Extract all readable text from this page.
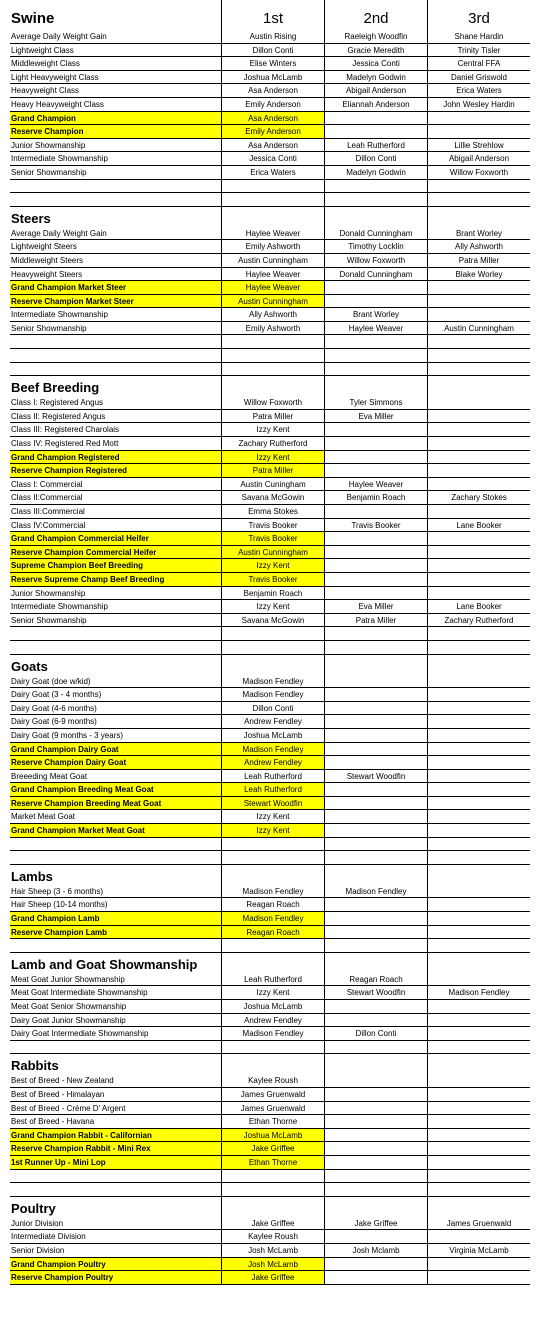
Swine	1st	2nd	3rd
Average Daily Weight Gain	Austin Rising	Raeleigh Woodfin	Shane Hardin
Lightweight Class	Dillon Conti	Gracie Meredith	Trinity Tisler
Middleweight Class	Elise Winters	Jessica Conti	Central FFA
Light Heavyweight Class	Joshua McLamb	Madelyn Godwin	Daniel Griswold
Heavyweight Class	Asa Anderson	Abigail Anderson	Erica Waters
Heavy Heavyweight Class	Emily Anderson	Eliannah Anderson	John Wesley Hardin
Grand Champion	Asa Anderson
Reserve Champion	Emily Anderson
Junior Showmanship	Asa Anderson	Leah Rutherford	Lillie Strehlow
Intermediate Showmanship	Jessica Conti	Dillon Conti	Abigail Anderson
Senior Showmanship	Erica Waters	Madelyn Godwin	Willow Foxworth
Steers
Average Daily Weight Gain	Haylee Weaver	Donald Cunningham	Brant Worley
Lightweight Steers	Emily Ashworth	Timothy Locklin	Ally Ashworth
Middleweight Steers	Austin Cunningham	Willow Foxworth	Patra Miller
Heavyweight Steers	Haylee Weaver	Donald Cunningham	Blake Worley
Grand Champion Market Steer	Haylee Weaver
Reserve Champion Market Steer	Austin Cunningham
Intermediate Showmanship	Ally Ashworth	Brant Worley
Senior Showmanship	Emily Ashworth	Haylee Weaver	Austin Cunningham
Beef Breeding
Class I: Registered Angus	Willow Foxworth	Tyler Simmons
Class II: Registered Angus	Patra Miller	Eva Miller
Class III: Registered Charolais	Izzy Kent
Class IV: Registered Red Mott	Zachary Rutherford
Grand Champion Registered	Izzy Kent
Reserve Champion Registered	Patra Miller
Class I: Commercial	Austin Cuningham	Haylee Weaver
Class II:Commercial	Savana McGowin	Benjamin Roach	Zachary Stokes
Class III:Commercial	Emma Stokes
Class IV:Commercial	Travis Booker	Travis Booker	Lane Booker
Grand Champion Commercial Heifer	Travis Booker
Reserve Champion Commercial Heifer	Austin Cunningham
Supreme Champion Beef Breeding	Izzy Kent
Reserve Supreme Champ Beef Breeding	Travis Booker
Junior Showmanship	Benjamin Roach
Intermediate Showmanship	Izzy Kent	Eva Miller	Lane Booker
Senior Showmanship	Savana McGowin	Patra Miller	Zachary Rutherford
Goats
Dairy Goat (doe w/kid)	Madison Fendley
Dairy Goat (3 - 4 months)	Madison Fendley
Dairy Goat (4-6 months)	Dillon Conti
Dairy Goat (6-9 months)	Andrew Fendley
Dairy Goat (9 months - 3 years)	Joshua McLamb
Grand Champion Dairy Goat	Madison Fendley
Reserve Champion Dairy Goat	Andrew Fendley
Breeeding Meat Goat	Leah Rutherford	Stewart Woodfin
Grand Champion Breeding Meat Goat	Leah Rutherford
Reserve Champion Breeding Meat Goat	Stewart Woodfin
Market Meat Goat	Izzy Kent
Grand Champion Market Meat Goat	Izzy Kent
Lambs
Hair Sheep (3 - 6 months)	Madison Fendley	Madison Fendley
Hair Sheep (10-14 months)	Reagan Roach
Grand Champion Lamb	Madison Fendley
Reserve Champion Lamb	Reagan Roach
Lamb and Goat Showmanship
Meat Goat Junior Showmanship	Leah Rutherford	Reagan Roach
Meat Goat Intermediate Showmanship	Izzy Kent	Stewart Woodfin	Madison Fendley
Meat Goat Senior Showmanship	Joshua McLamb
Dairy Goat Junior Showmanship	Andrew Fendley
Dairy Goat Intermediate Showmanship	Madison Fendley	Dillon Conti
Rabbits
Best of Breed - New Zealand	Kaylee Roush
Best of Breed - Himalayan	James Gruenwald
Best of Breed - Crème D' Argent	James Gruenwald
Best of Breed - Havana	Ethan Thorne
Grand Champion Rabbit - Californian	Joshua McLamb
Reserve Champion Rabbit - Mini Rex	Jake Griffee
1st Runner Up - Mini Lop	Ethan Thorne
Poultry
Junior Division	Jake Griffee	Jake Griffee	James Gruenwald
Intermediate Division	Kaylee Roush
Senior Division	Josh McLamb	Josh Mclamb	Virginia McLamb
Grand Champion Poultry	Josh McLamb
Reserve Champion Poultry	Jake Griffee
